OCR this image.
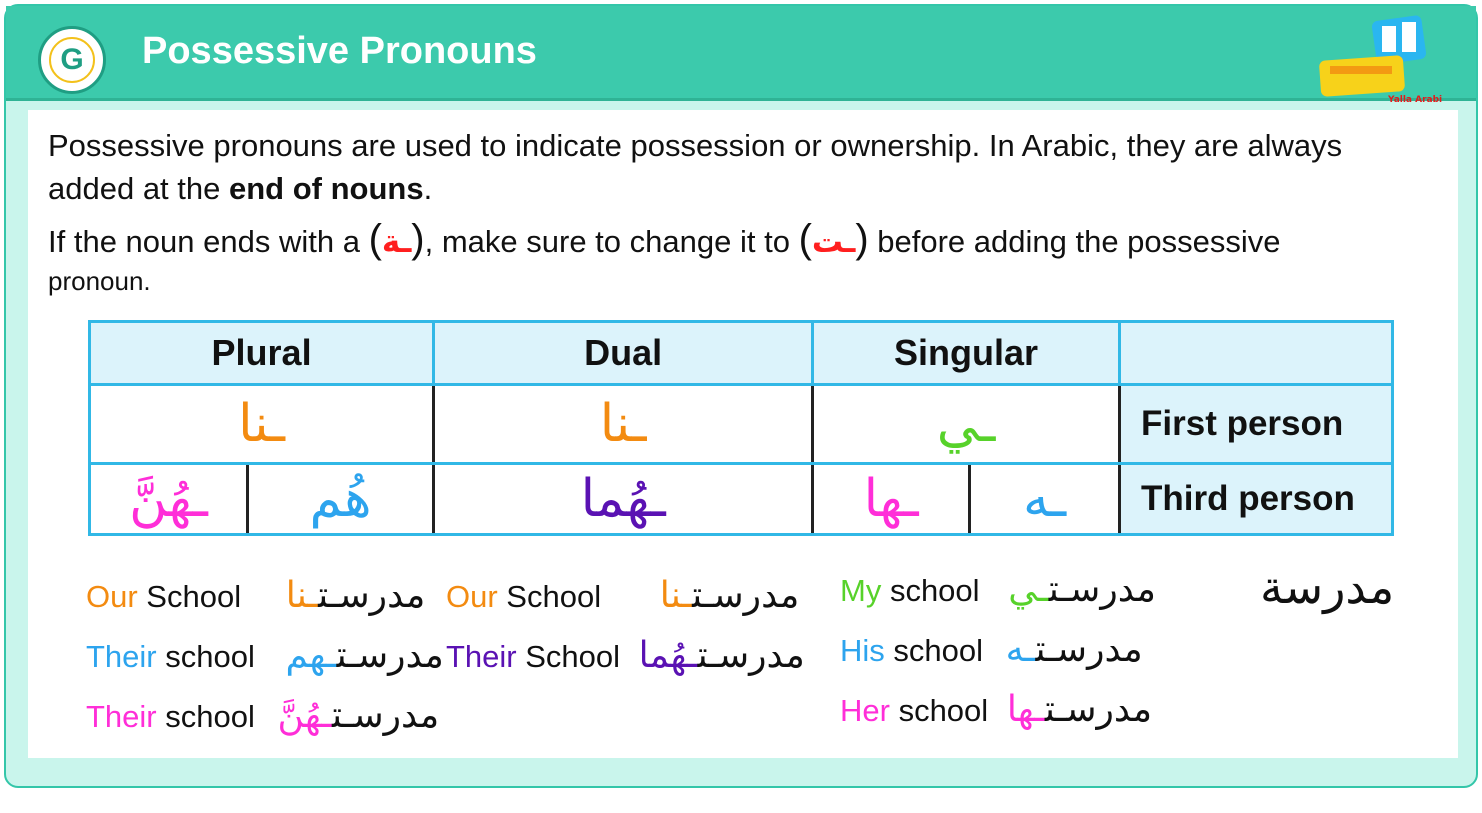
G Possessive Pronouns
Yalla Arabi
Possessive pronouns are used to indicate possession or ownership. In Arabic, they are always added at the end of nouns.
If the noun ends with a (ـة), make sure to change it to (ـت) before adding the possessive
pronoun.
Plural		Dual	Singular		
ـنا		ـنا	ـي		First person
ـهُنَّ	هُم	ـهُما	ـها	ـه	Third person
Our School مدرسـتـنا
Their school مدرسـتـهم
Their school مدرسـتـهُنَّ
Our School	مدرسـتـنا
Their School مدرسـتـهُما
My school مدرسـتـي
His school مدرسـتـه
Her school مدرسـتـها
مدرسة
